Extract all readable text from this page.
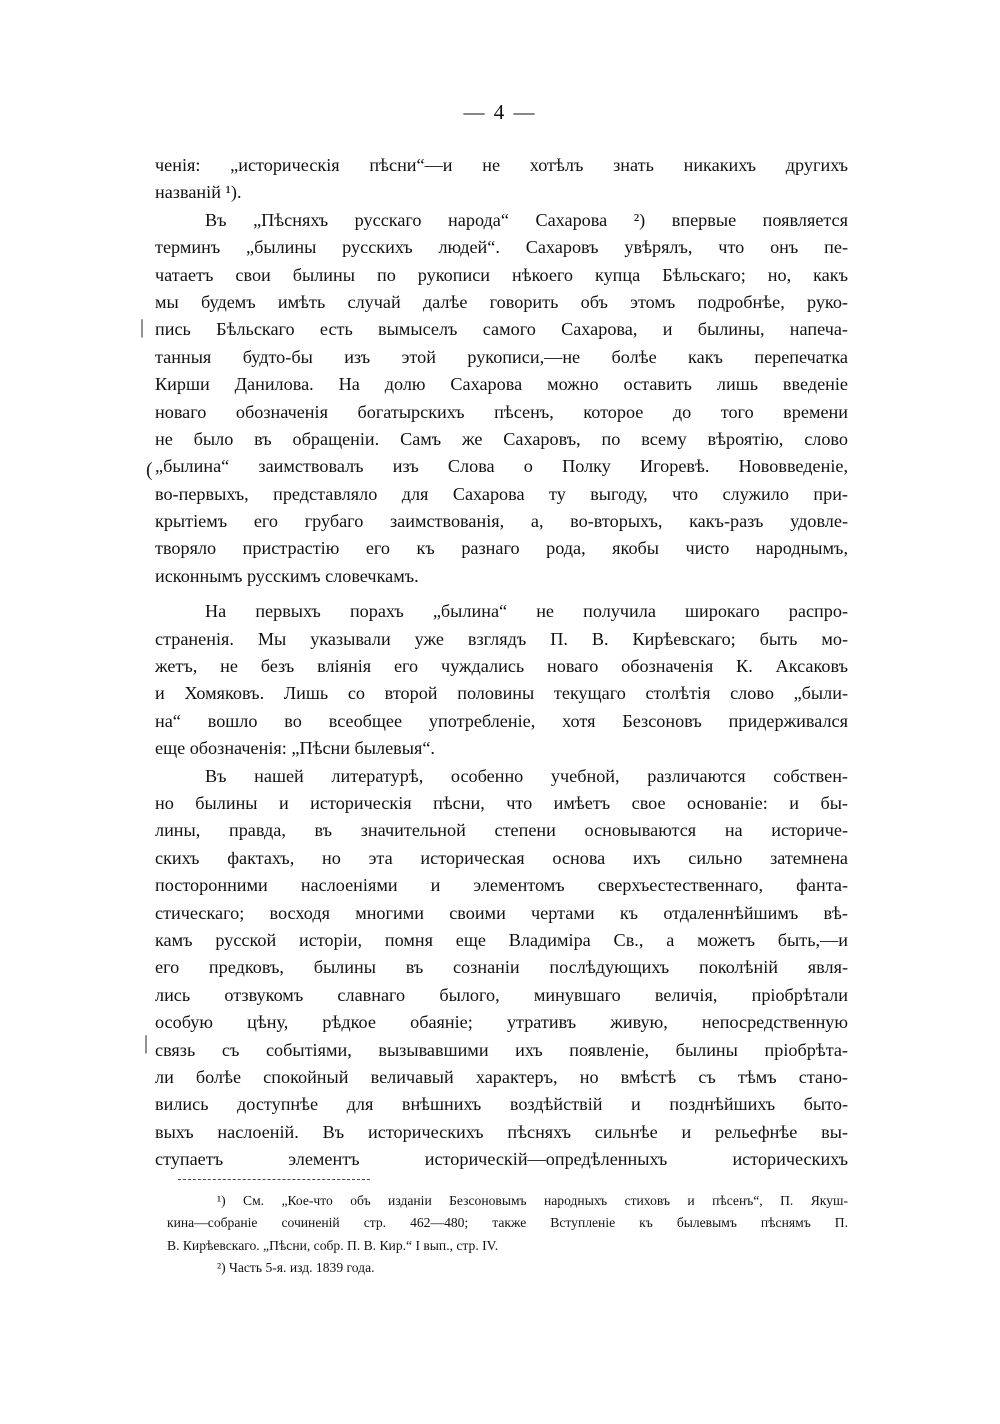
— 4 —
ченія: „историческія пѣсни“—и не хотѣлъ знать никакихъ другихъ
названій ¹).
Въ „Пѣсняхъ русскаго народа“ Сахарова ²) впервые появляется
терминъ „былины русскихъ людей“. Сахаровъ увѣрялъ, что онъ пе-
чатаетъ свои былины по рукописи нѣкоего купца Бѣльскаго; но, какъ
мы будемъ имѣть случай далѣе говорить объ этомъ подробнѣе, руко-
пись Бѣльскаго есть вымыселъ самого Сахарова, и былины, напеча-
танныя будто-бы изъ этой рукописи,—не болѣе какъ перепечатка
Кирши Данилова. На долю Сахарова можно оставить лишь введеніе
новаго обозначенія богатырскихъ пѣсенъ, которое до того времени
не было въ обращеніи. Самъ же Сахаровъ, по всему вѣроятію, слово
„былина“ заимствовалъ изъ Слова о Полку Игоревѣ. Нововведеніе,
во-первыхъ, представляло для Сахарова ту выгоду, что служило при-
крытіемъ его грубаго заимствованія, а, во-вторыхъ, какъ-разъ удовле-
творяло пристрастію его къ разнаго рода, якобы чисто народнымъ,
исконнымъ русскимъ словечкамъ.
На первыхъ порахъ „былина“ не получила широкаго распро-
страненія. Мы указывали уже взглядъ П. В. Кирѣевскаго; быть мо-
жетъ, не безъ вліянія его чуждались новаго обозначенія К. Аксаковъ
и Хомяковъ. Лишь со второй половины текущаго столѣтія слово „были-
на“ вошло во всеобщее употребленіе, хотя Безсоновъ придерживался
еще обозначенія: „Пѣсни былевыя“.
Въ нашей литературѣ, особенно учебной, различаются собствен-
но былины и историческія пѣсни, что имѣетъ свое основаніе: и бы-
лины, правда, въ значительной степени основываются на историче-
скихъ фактахъ, но эта историческая основа ихъ сильно затемнена
посторонними наслоеніями и элементомъ сверхъестественнаго, фанта-
стическаго; восходя многими своими чертами къ отдаленнѣйшимъ вѣ-
камъ русской исторіи, помня еще Владиміра Св., а можетъ быть,—и
его предковъ, былины въ сознаніи послѣдующихъ поколѣній явля-
лись отзвукомъ славнаго былого, минувшаго величія, пріобрѣтали
особую цѣну, рѣдкое обаяніе; утративъ живую, непосредственную
связь съ событіями, вызывавшими ихъ появленіе, былины пріобрѣта-
ли болѣе спокойный величавый характеръ, но вмѣстѣ съ тѣмъ стано-
вились доступнѣе для внѣшнихъ воздѣйствій и позднѣйшихъ быто-
выхъ наслоеній. Въ историческихъ пѣсняхъ сильнѣе и рельефнѣе вы-
ступаетъ элементъ историческій—опредѣленныхъ историческихъ
|
(
|
¹) См. „Кое-что объ изданіи Безсоновымъ народныхъ стиховъ и пѣсенъ“, П. Якуш-
кина—собраніе сочиненій стр. 462—480; также Вступленіе къ былевымъ пѣснямъ П.
В. Кирѣевскаго. „Пѣсни, собр. П. В. Кир.“ I вып., стр. IV.
²) Часть 5-я. изд. 1839 года.
